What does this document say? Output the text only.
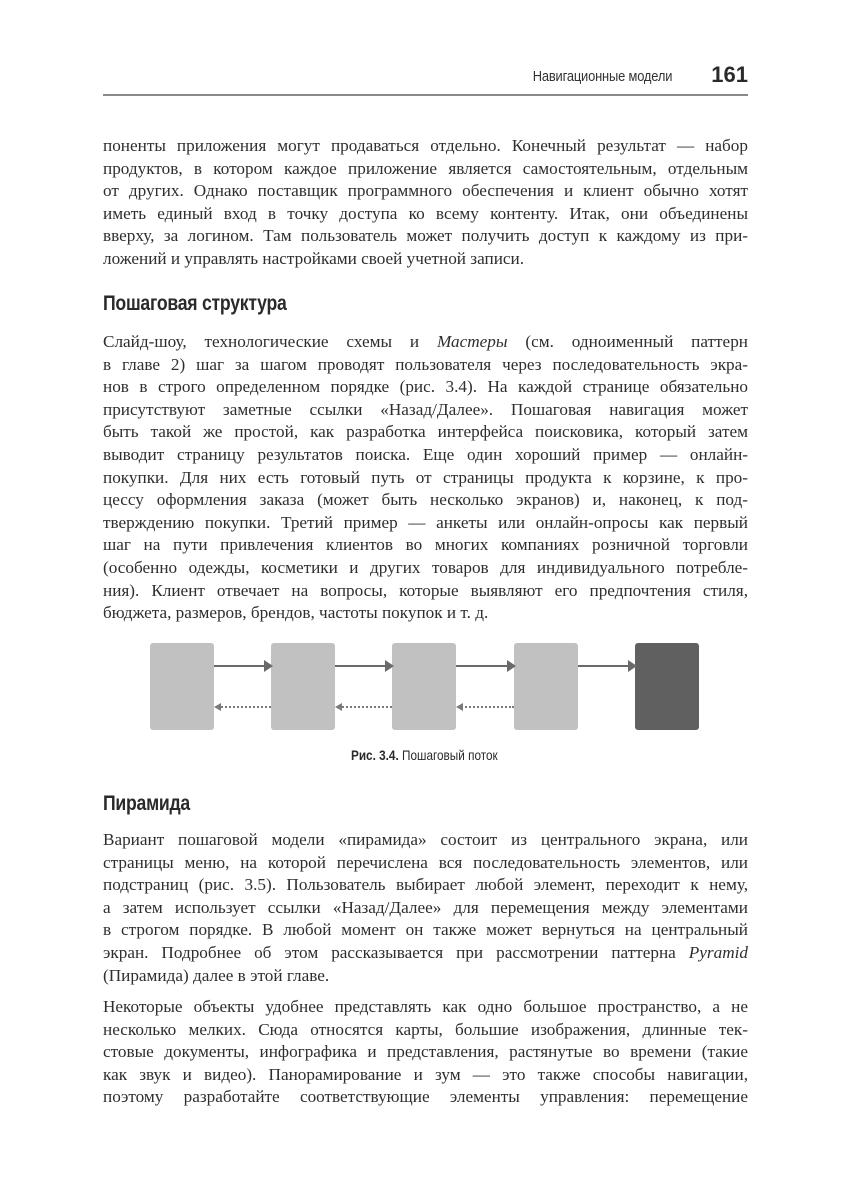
Навигационные модели 161
поненты приложения могут продаваться отдельно. Конечный результат — набор
продуктов, в котором каждое приложение является самостоятельным, отдельным
от других. Однако поставщик программного обеспечения и клиент обычно хотят
иметь единый вход в точку доступа ко всему контенту. Итак, они объединены
вверху, за логином. Там пользователь может получить доступ к каждому из при-
ложений и управлять настройками своей учетной записи.
Пошаговая структура
Слайд-шоу, технологические схемы и Мастеры (см. одноименный паттерн
в главе 2) шаг за шагом проводят пользователя через последовательность экра-
нов в строго определенном порядке (рис. 3.4). На каждой странице обязательно
присутствуют заметные ссылки «Назад/Далее». Пошаговая навигация может
быть такой же простой, как разработка интерфейса поисковика, который затем
выводит страницу результатов поиска. Еще один хороший пример — онлайн-
покупки. Для них есть готовый путь от страницы продукта к корзине, к про-
цессу оформления заказа (может быть несколько экранов) и, наконец, к под-
тверждению покупки. Третий пример — анкеты или онлайн-опросы как первый
шаг на пути привлечения клиентов во многих компаниях розничной торговли
(особенно одежды, косметики и других товаров для индивидуального потребле-
ния). Клиент отвечает на вопросы, которые выявляют его предпочтения стиля,
бюджета, размеров, брендов, частоты покупок и т. д.
Рис. 3.4. Пошаговый поток
Пирамида
Вариант пошаговой модели «пирамида» состоит из центрального экрана, или
страницы меню, на которой перечислена вся последовательность элементов, или
подстраниц (рис. 3.5). Пользователь выбирает любой элемент, переходит к нему,
а затем использует ссылки «Назад/Далее» для перемещения между элементами
в строгом порядке. В любой момент он также может вернуться на центральный
экран. Подробнее об этом рассказывается при рассмотрении паттерна Pyramid
(Пирамида) далее в этой главе.
Некоторые объекты удобнее представлять как одно большое пространство, а не
несколько мелких. Сюда относятся карты, большие изображения, длинные тек-
стовые документы, инфографика и представления, растянутые во времени (такие
как звук и видео). Панорамирование и зум — это также способы навигации,
поэтому разработайте соответствующие элементы управления: перемещение
